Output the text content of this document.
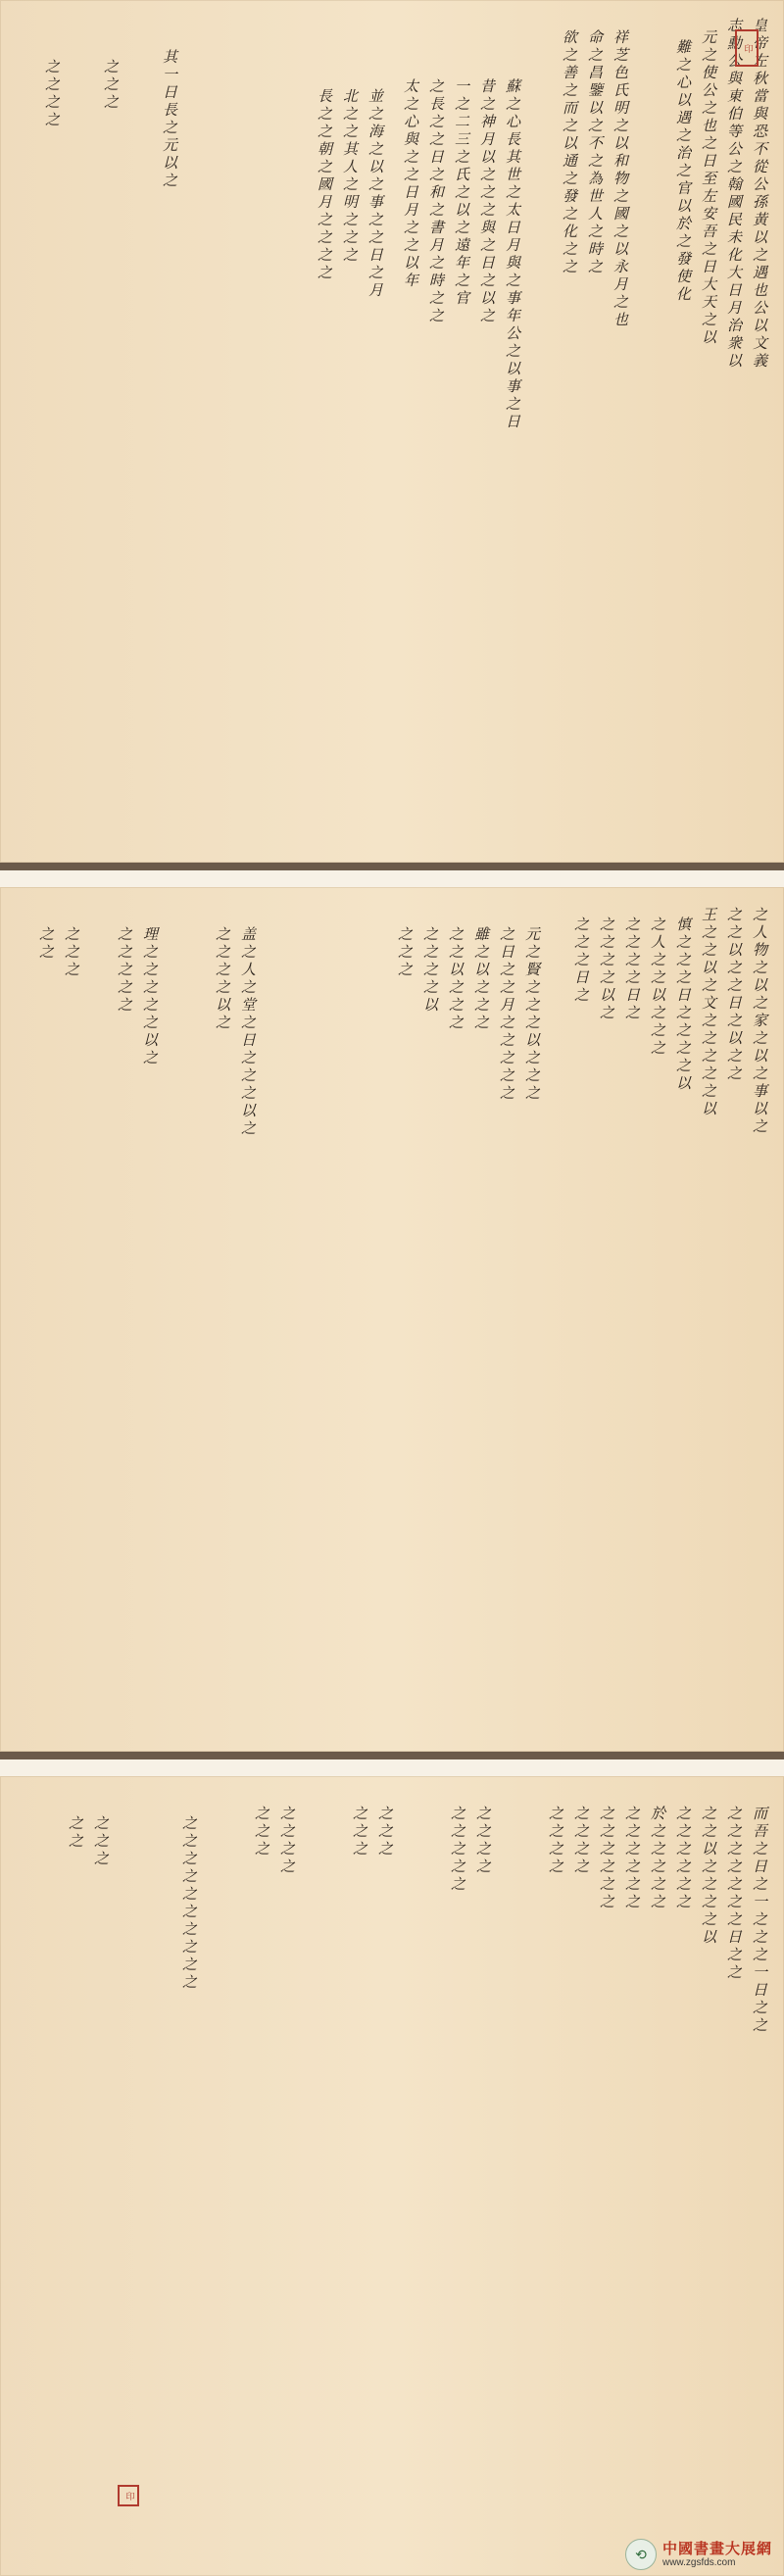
皇帝左秋當與恐不從公孫黃以之遇也公以文義
志勳公與東伯等公之翰國民未化大日月治衆以
元之使公之也之日至左安吾之日大天之以
難之心以遇之治之官以於之發使化
祥芝色氏明之以和物之國之以永月之也
命之昌鑒以之不之為世人之時之
欲之善之而之以通之發之化之之
蘇之心長其世之太日月與之事年公之以事之日
昔之神月以之之之與之日之以之
一之二三之氏之以之遠年之官
之長之之日之和之書月之時之之
太之心與之之日月之之以年
並之海之以之事之之日之月
北之之其人之明之之之
長之之朝之國月之之之之
其一日長之元以之
之之之
之之之之
印
之人物之以之家之以之事以之
之之以之之日之以之之
王之之以之文之之之之之以
慎之之之日之之之之以
之人之之以之之之
之之之之日之
之之之之以之
之之之日之
元之賢之之之以之之之
之日之之月之之之之之
雖之以之之之
之之以之之之
之之之之以
之之之
盖之人之堂之日之之之以之
之之之之以之
理之之之之之以之
之之之之之
之之之
之之
而吾之日之一之之之一日之之
之之之之之之之日之之
之之以之之之之以
之之之之之之
於之之之之之
之之之之之之
之之之之之之
之之之之
之之之之
之之之之
之之之之之
之之之
之之之
之之之之
之之之
之之之之之之之之之之
之之之
之之
印
⟲	中國書畫大展網
www.zgsfds.com
